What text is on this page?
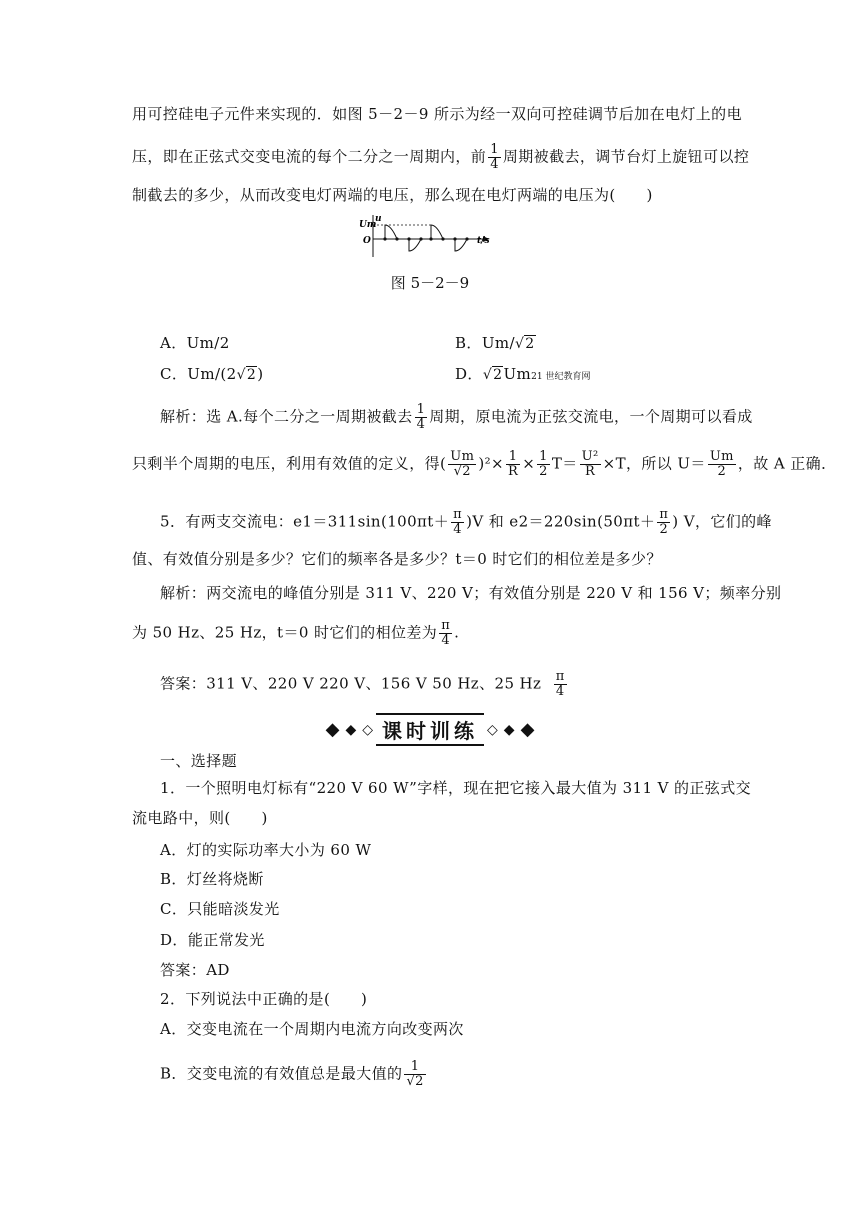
用可控硅电子元件来实现的．如图 5－2－9 所示为经一双向可控硅调节后加在电灯上的电
压，即在正弦式交变电流的每个二分之一周期内，前 $\frac{1}{4}$ 周期被截去，调节台灯上旋钮可以控
制截去的多少，从而改变电灯两端的电压，那么现在电灯两端的电压为(　　)
Um
u
O	t/s
图 5－2－9
A．Um/2	B．Um/√2
C．Um/(2√2)	D．√2Um21 世纪教育网
解析：选 A.每个二分之一周期被截去 $\frac{1}{4}$ 周期，原电流为正弦交流电，一个周期可以看成
只剩半个周期的电压，利用有效值的定义，得( $\frac{Um}{√2} )^2\times \frac{1}{R} \times \frac{1}{2} T= \frac{\text{U²}}{R} \times T$，所以 $U= \frac{Um}{2}$ ，故 A 正确．
5．有两支交流电：$e1=311\sin(100\pi t+ \frac{\pi}{4} )V$ 和 $e2=220\sin(50\pi t+ \frac{\pi}{2}$ ) V，它们的峰
值、有效值分别是多少？它们的频率各是多少？t＝0 时它们的相位差是多少？
解析：两交流电的峰值分别是 311 V、220 V；有效值分别是 220 V 和 156 V；频率分别
为 50 Hz、25 Hz，t＝0 时它们的相位差为 $\frac{\pi}{4}$ .
答案：311 V、220 V 220 V、156 V 50 Hz、25 Hz $\frac{\pi}{4}$
◆ ◆ ◇ 课时训练 ◇ ◆ ◆
一、选择题
1．一个照明电灯标有“220 V 60 W”字样，现在把它接入最大值为 311 V 的正弦式交
流电路中，则(　　)
A．灯的实际功率大小为 60 W
B．灯丝将烧断
C．只能暗淡发光
D．能正常发光
答案：AD
2．下列说法中正确的是(　　)
A．交变电流在一个周期内电流方向改变两次
B．交变电流的有效值总是最大值的 $\frac{1}{√2}$
